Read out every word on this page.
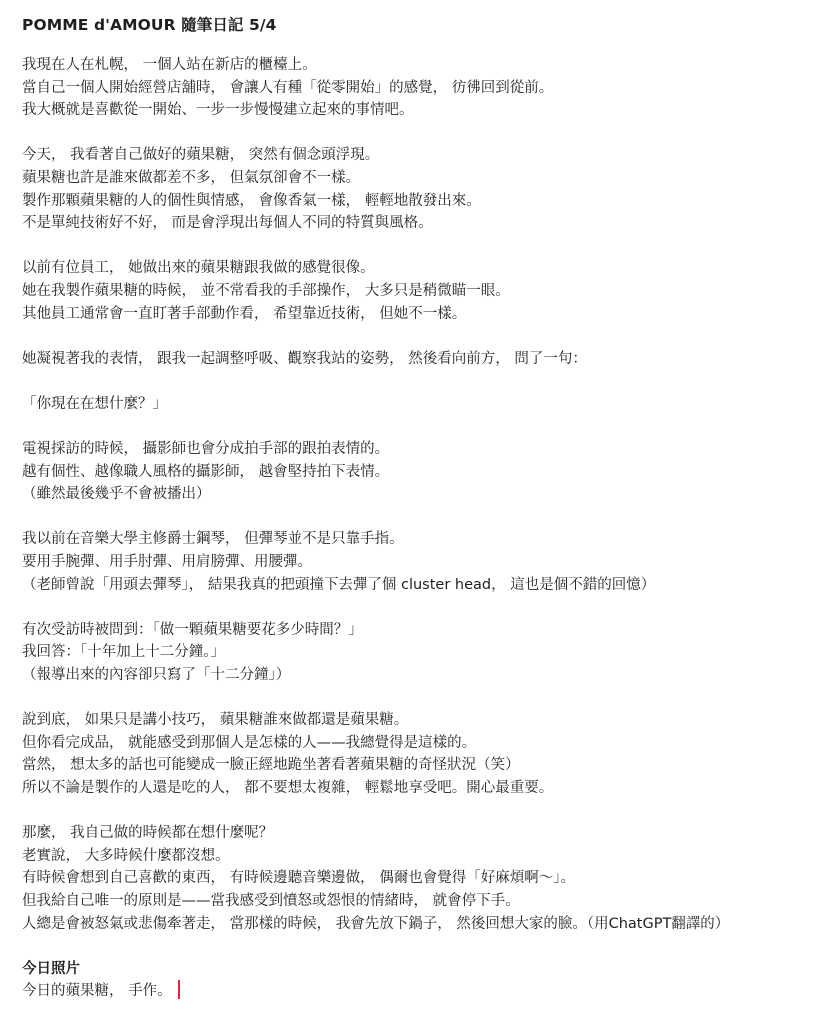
POMME d'AMOUR 隨筆日記 5/4
我現在人在札幌， 一個人站在新店的櫃檯上。
當自己一個人開始經營店舖時， 會讓人有種「從零開始」的感覺， 彷彿回到從前。
我大概就是喜歡從一開始、一步一步慢慢建立起來的事情吧。
今天， 我看著自己做好的蘋果糖， 突然有個念頭浮現。
蘋果糖也許是誰來做都差不多， 但氣氛卻會不一樣。
製作那顆蘋果糖的人的個性與情感， 會像香氣一樣， 輕輕地散發出來。
不是單純技術好不好， 而是會浮現出每個人不同的特質與風格。
以前有位員工， 她做出來的蘋果糖跟我做的感覺很像。
她在我製作蘋果糖的時候， 並不常看我的手部操作， 大多只是稍微瞄一眼。
其他員工通常會一直盯著手部動作看， 希望靠近技術， 但她不一樣。
她凝視著我的表情， 跟我一起調整呼吸、觀察我站的姿勢， 然後看向前方， 問了一句：
「你現在在想什麼？」
電視採訪的時候， 攝影師也會分成拍手部的跟拍表情的。
越有個性、越像職人風格的攝影師， 越會堅持拍下表情。
（雖然最後幾乎不會被播出）
我以前在音樂大學主修爵士鋼琴， 但彈琴並不是只靠手指。
要用手腕彈、用手肘彈、用肩膀彈、用腰彈。
（老師曾說「用頭去彈琴」， 結果我真的把頭撞下去彈了個 cluster head， 這也是個不錯的回憶）
有次受訪時被問到：「做一顆蘋果糖要花多少時間？」
我回答：「十年加上十二分鐘。」
（報導出來的內容卻只寫了「十二分鐘」）
說到底， 如果只是講小技巧， 蘋果糖誰來做都還是蘋果糖。
但你看完成品， 就能感受到那個人是怎樣的人——我總覺得是這樣的。
當然， 想太多的話也可能變成一臉正經地跪坐著看著蘋果糖的奇怪狀況（笑）
所以不論是製作的人還是吃的人， 都不要想太複雜， 輕鬆地享受吧。開心最重要。
那麼， 我自己做的時候都在想什麼呢？
老實說， 大多時候什麼都沒想。
有時候會想到自己喜歡的東西， 有時候邊聽音樂邊做， 偶爾也會覺得「好麻煩啊〜」。
但我給自己唯一的原則是——當我感受到憤怒或怨恨的情緒時， 就會停下手。
人總是會被怒氣或悲傷牽著走， 當那樣的時候， 我會先放下鍋子， 然後回想大家的臉。（用ChatGPT翻譯的）
今日照片
今日的蘋果糖， 手作。
